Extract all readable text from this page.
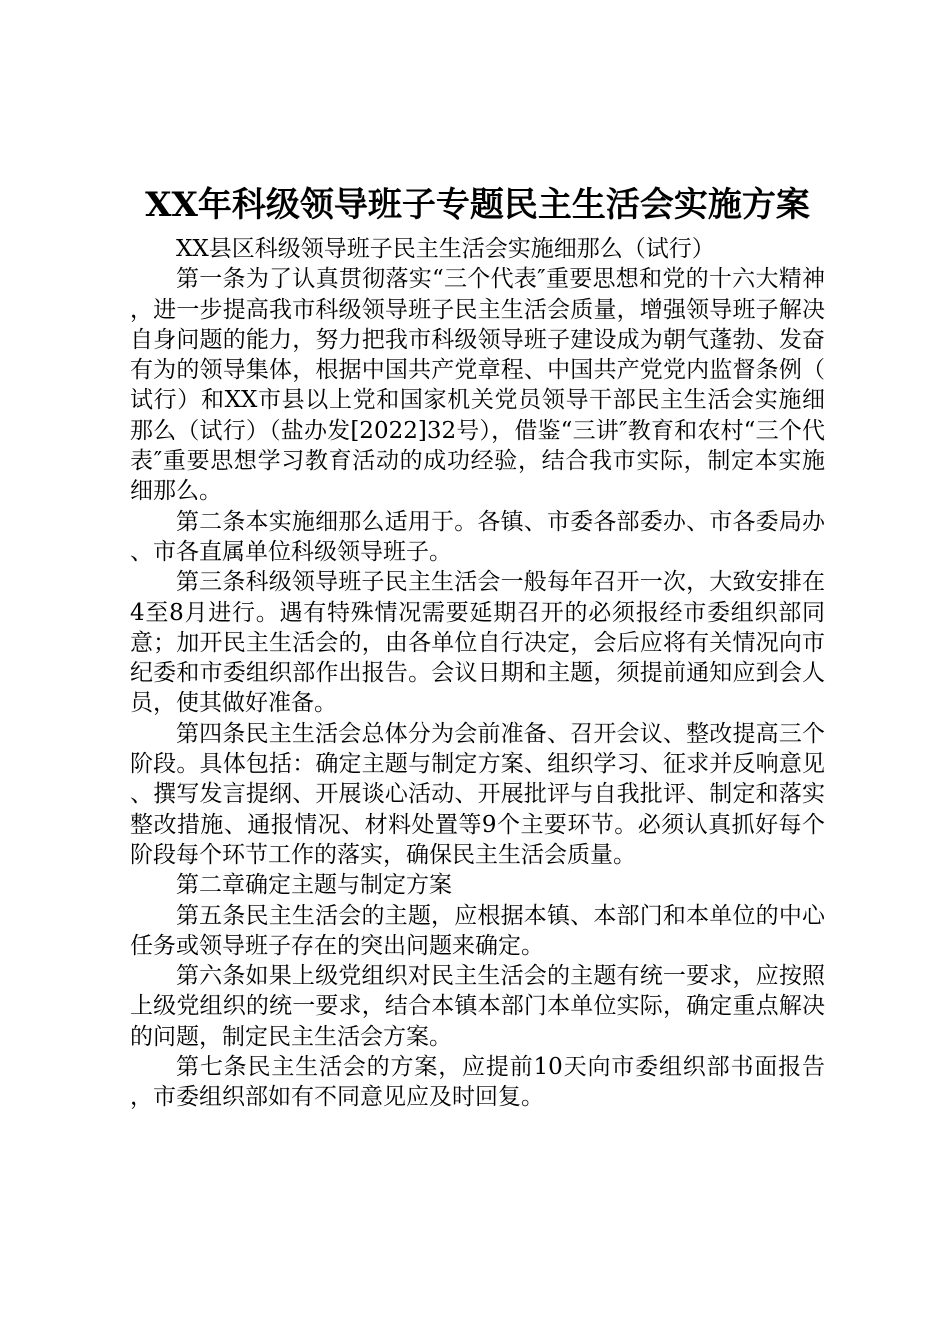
XX年科级领导班子专题民主生活会实施方案

XX县区科级领导班子民主生活会实施细那么（试行）

第一条为了认真贯彻落实“三个代表″重要思想和党的十六大精神，进一步提高我市科级领导班子民主生活会质量，增强领导班子解决自身问题的能力，努力把我市科级领导班子建设成为朝气蓬勃、发奋有为的领导集体，根据中国共产党章程、中国共产党党内监督条例（试行）和XX市县以上党和国家机关党员领导干部民主生活会实施细那么（试行）（盐办发[2022]32号），借鉴“三讲″教育和农村“三个代表″重要思想学习教育活动的成功经验，结合我市实际，制定本实施细那么。

第二条本实施细那么适用于。各镇、市委各部委办、市各委局办、市各直属单位科级领导班子。

第三条科级领导班子民主生活会一般每年召开一次，大致安排在4至8月进行。遇有特殊情况需要延期召开的必须报经市委组织部同意；加开民主生活会的，由各单位自行决定，会后应将有关情况向市纪委和市委组织部作出报告。会议日期和主题，须提前通知应到会人员，使其做好准备。

第四条民主生活会总体分为会前准备、召开会议、整改提高三个阶段。具体包括：确定主题与制定方案、组织学习、征求并反响意见、撰写发言提纲、开展谈心活动、开展批评与自我批评、制定和落实整改措施、通报情况、材料处置等9个主要环节。必须认真抓好每个阶段每个环节工作的落实，确保民主生活会质量。

第二章确定主题与制定方案

第五条民主生活会的主题，应根据本镇、本部门和本单位的中心任务或领导班子存在的突出问题来确定。

第六条如果上级党组织对民主生活会的主题有统一要求，应按照上级党组织的统一要求，结合本镇本部门本单位实际，确定重点解决的问题，制定民主生活会方案。

第七条民主生活会的方案，应提前10天向市委组织部书面报告，市委组织部如有不同意见应及时回复。
